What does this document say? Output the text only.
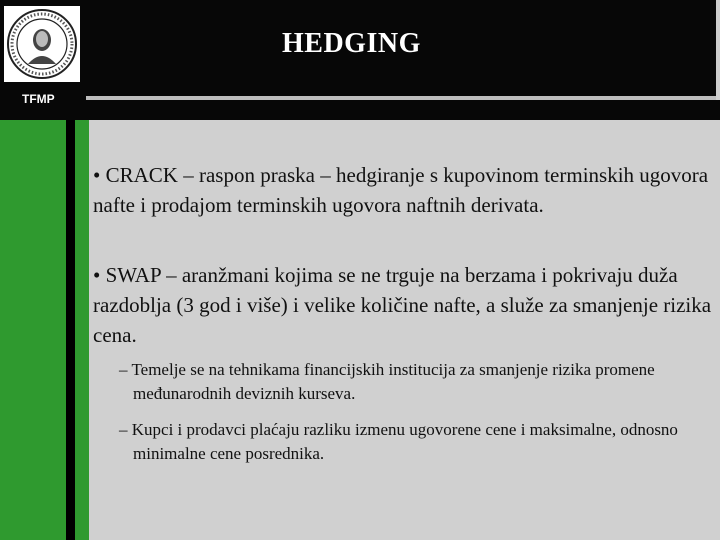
TFMP
HEDGING
• CRACK – raspon praska – hedgiranje s kupovinom terminskih ugovora nafte i prodajom terminskih ugovora naftnih derivata.
• SWAP – aranžmani kojima se ne trguje na berzama i pokrivaju duža razdoblja (3 god i više) i velike količine nafte, a služe za smanjenje rizika cena.
– Temelje se na tehnikama financijskih institucija za smanjenje rizika promene međunarodnih deviznih kurseva.
– Kupci i prodavci plaćaju razliku izmenu ugovorene cene i maksimalne, odnosno minimalne cene posrednika.
